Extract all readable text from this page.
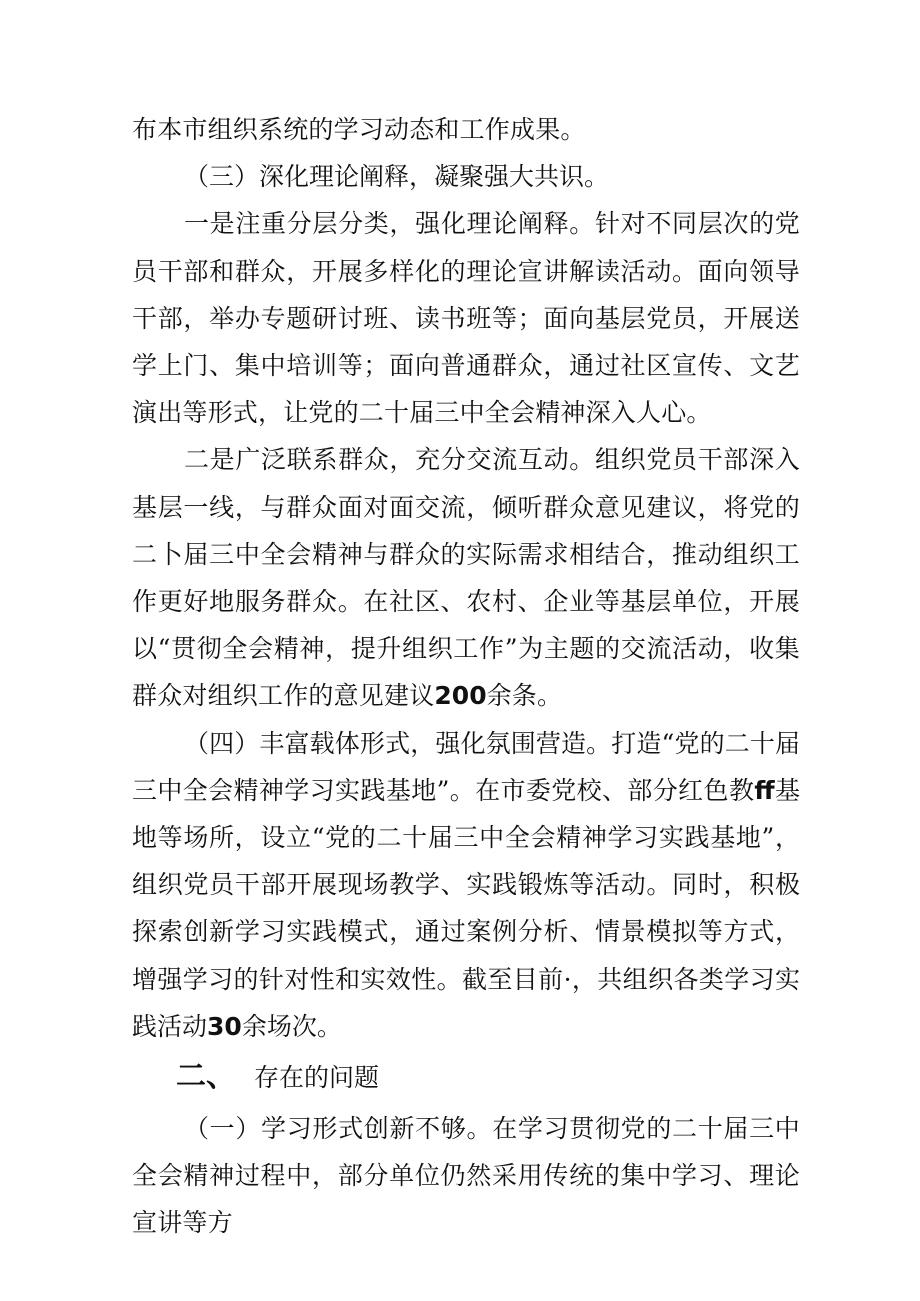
布本市组织系统的学习动态和工作成果。

（三）深化理论阐释，凝聚强大共识。

一是注重分层分类，强化理论阐释。针对不同层次的党员干部和群众，开展多样化的理论宣讲解读活动。面向领导干部，举办专题研讨班、读书班等；面向基层党员，开展送学上门、集中培训等；面向普通群众，通过社区宣传、文艺演出等形式，让党的二十届三中全会精神深入人心。

二是广泛联系群众，充分交流互动。组织党员干部深入基层一线，与群众面对面交流，倾听群众意见建议，将党的二卜届三中全会精神与群众的实际需求相结合，推动组织工作更好地服务群众。在社区、农村、企业等基层单位，开展以“贯彻全会精神，提升组织工作”为主题的交流活动，收集群众对组织工作的意见建议200余条。

（四）丰富载体形式，强化氛围营造。打造“党的二十届三中全会精神学习实践基地”。在市委党校、部分红色教ff基地等场所，设立“党的二十届三中全会精神学习实践基地”，组织党员干部开展现场教学、实践锻炼等活动。同时，积极探索创新学习实践模式，通过案例分析、情景模拟等方式，增强学习的针对性和实效性。截至目前·，共组织各类学习实践活动30余场次。

二、 存在的问题

（一）学习形式创新不够。在学习贯彻党的二十届三中全会精神过程中，部分单位仍然采用传统的集中学习、理论宣讲等方
